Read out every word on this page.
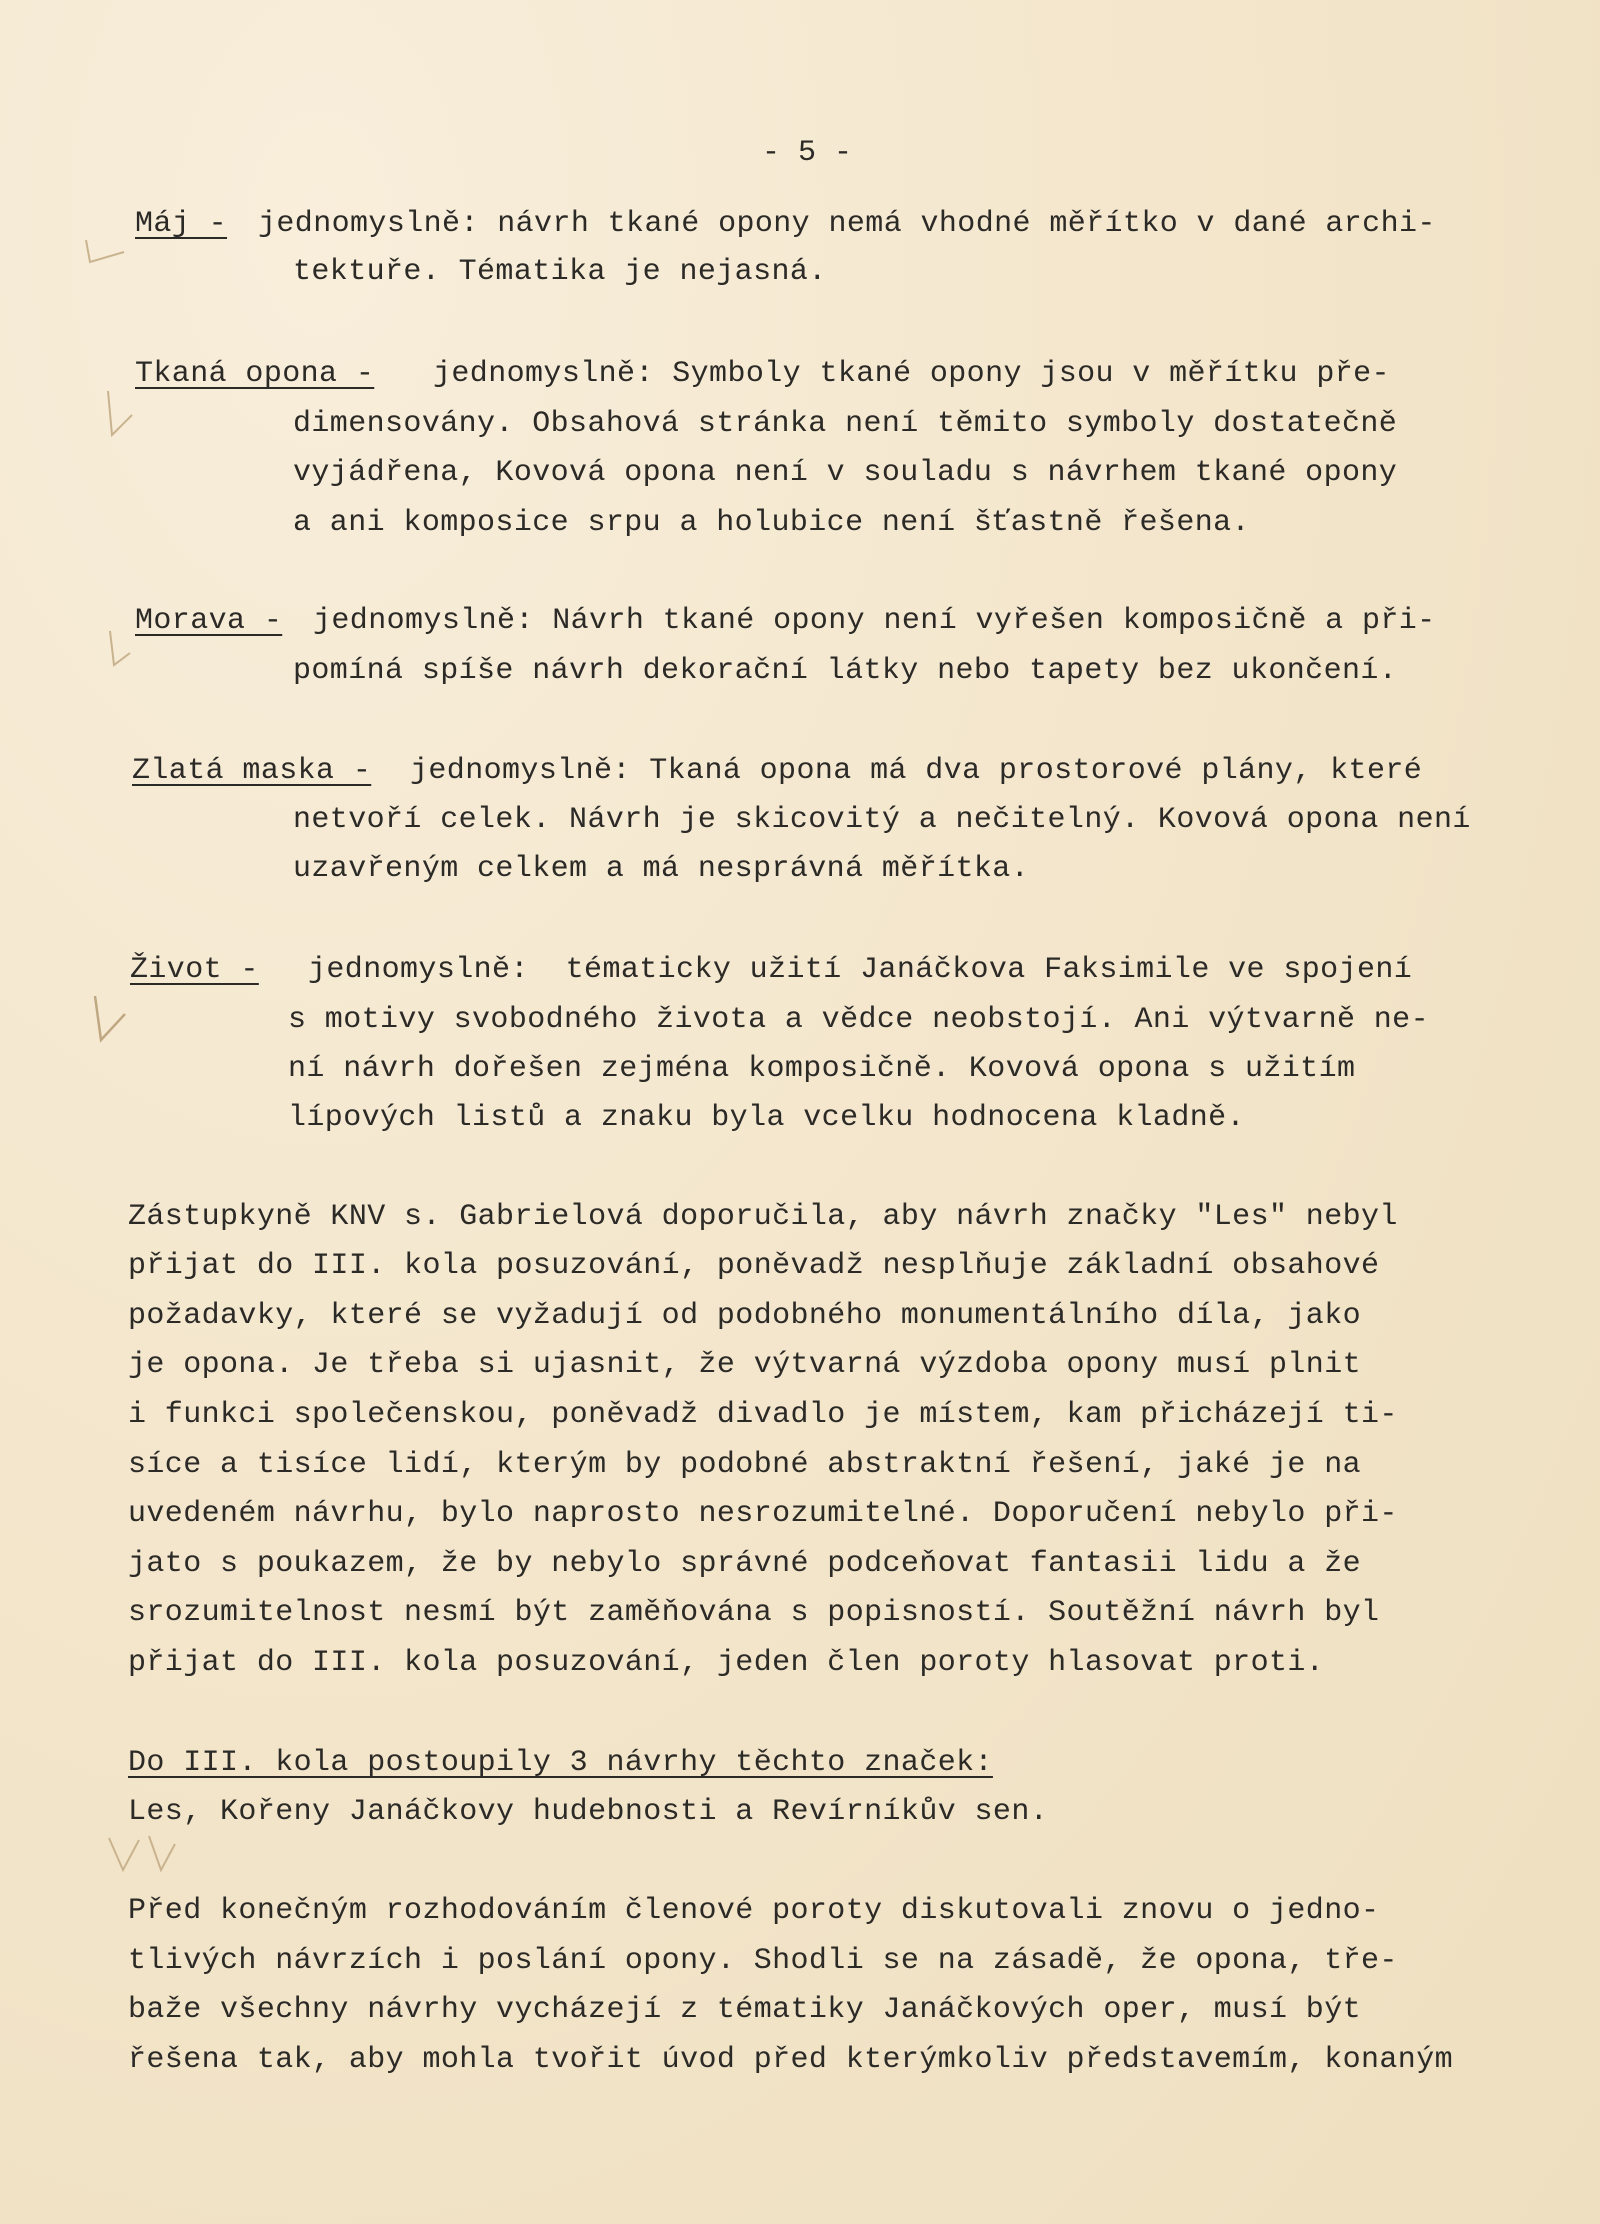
- 5 -

Máj - jednomyslně: návrh tkané opony nemá vhodné měřítko v dané archi-

tektuře. Tématika je nejasná.

Tkaná opona - jednomyslně: Symboly tkané opony jsou v měřítku pře-

dimensovány. Obsahová stránka není těmito symboly dostatečně

vyjádřena, Kovová opona není v souladu s návrhem tkané opony

a ani komposice srpu a holubice není šťastně řešena.

Morava - jednomyslně: Návrh tkané opony není vyřešen komposičně a při-

pomíná spíše návrh dekorační látky nebo tapety bez ukončení.

Zlatá maska - jednomyslně: Tkaná opona má dva prostorové plány, které

netvoří celek. Návrh je skicovitý a nečitelný. Kovová opona není

uzavřeným celkem a má nesprávná měřítka.

Život - jednomyslně:  tématicky užití Janáčkova Faksimile ve spojení

s motivy svobodného života a vědce neobstojí. Ani výtvarně ne-

ní návrh dořešen zejména komposičně. Kovová opona s užitím

lípových listů a znaku byla vcelku hodnocena kladně.

Zástupkyně KNV s. Gabrielová doporučila, aby návrh značky "Les" nebyl

přijat do III. kola posuzování, poněvadž nesplňuje základní obsahové

požadavky, které se vyžadují od podobného monumentálního díla, jako

je opona. Je třeba si ujasnit, že výtvarná výzdoba opony musí plnit

i funkci společenskou, poněvadž divadlo je místem, kam přicházejí ti-

síce a tisíce lidí, kterým by podobné abstraktní řešení, jaké je na

uvedeném návrhu, bylo naprosto nesrozumitelné. Doporučení nebylo při-

jato s poukazem, že by nebylo správné podceňovat fantasii lidu a že

srozumitelnost nesmí být zaměňována s popisností. Soutěžní návrh byl

přijat do III. kola posuzování, jeden člen poroty hlasovat proti.

Do III. kola postoupily 3 návrhy těchto značek:

Les, Kořeny Janáčkovy hudebnosti a Revírníkův sen.

Před konečným rozhodováním členové poroty diskutovali znovu o jedno-

tlivých návrzích i poslání opony. Shodli se na zásadě, že opona, tře-

baže všechny návrhy vycházejí z tématiky Janáčkových oper, musí být

řešena tak, aby mohla tvořit úvod před kterýmkoliv představemím, konaným
